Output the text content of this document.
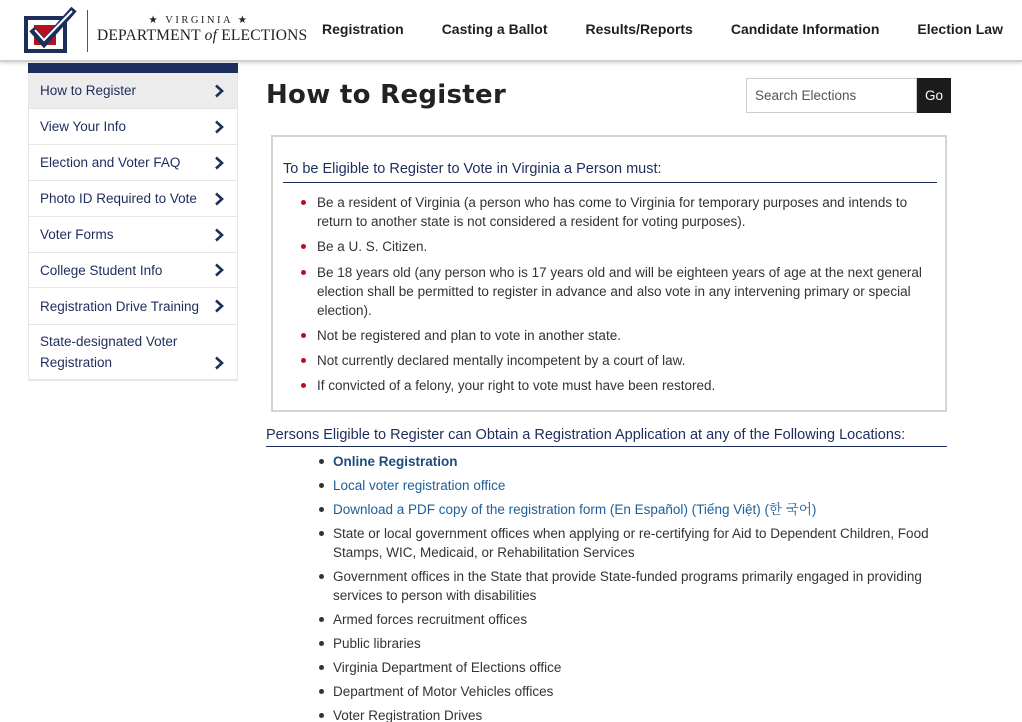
★ VIRGINIA ★
DEPARTMENT of ELECTIONS Registration	Casting a Ballot	Results/Reports	Candidate Information	Election Law
How to Register
View Your Info
Election and Voter FAQ
Photo ID Required to Vote
Voter Forms
College Student Info
Registration Drive Training
State-designated Voter Registration
How to Register
Search Elections	Go
To be Eligible to Register to Vote in Virginia a Person must:
Be a resident of Virginia (a person who has come to Virginia for temporary purposes and intends to return to another state is not considered a resident for voting purposes).
Be a U. S. Citizen.
Be 18 years old (any person who is 17 years old and will be eighteen years of age at the next general election shall be permitted to register in advance and also vote in any intervening primary or special election).
Not be registered and plan to vote in another state.
Not currently declared mentally incompetent by a court of law.
If convicted of a felony, your right to vote must have been restored.
Persons Eligible to Register can Obtain a Registration Application at any of the Following Locations:
Online Registration
Local voter registration office
Download a PDF copy of the registration form (En Español) (Tiếng Việt) (한 국어)
State or local government offices when applying or re-certifying for Aid to Dependent Children, Food Stamps, WIC, Medicaid, or Rehabilitation Services
Government offices in the State that provide State-funded programs primarily engaged in providing services to person with disabilities
Armed forces recruitment offices
Public libraries
Virginia Department of Elections office
Department of Motor Vehicles offices
Voter Registration Drives
